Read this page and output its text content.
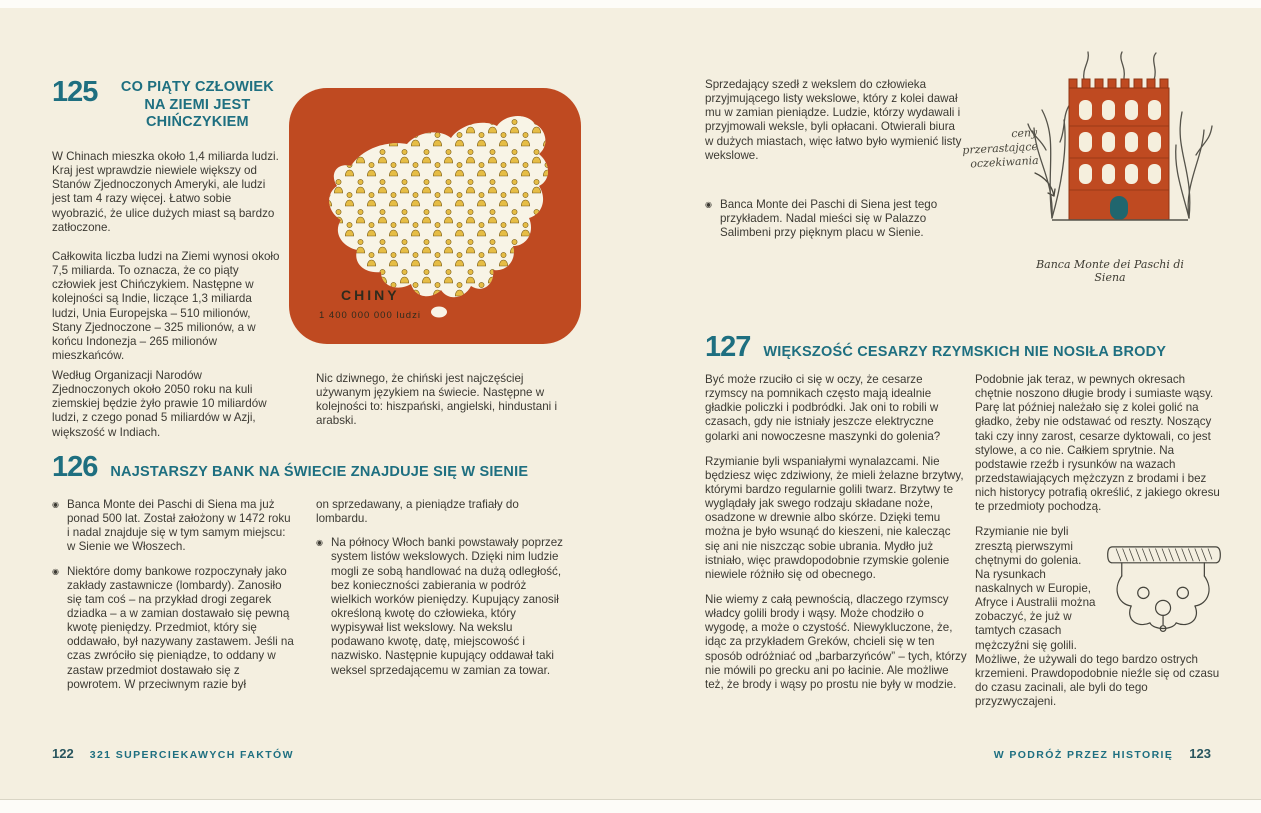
125	CO PIĄTY CZŁOWIEK NA ZIEMI JEST CHIŃCZYKIEM

W Chinach mieszka około 1,4 miliarda ludzi. Kraj jest wprawdzie niewiele większy od Stanów Zjednoczonych Ameryki, ale ludzi jest tam 4 razy więcej. Łatwo sobie wyobrazić, że ulice dużych miast są bardzo zatłoczone.

Całkowita liczba ludzi na Ziemi wynosi około 7,5 miliarda. To oznacza, że co piąty człowiek jest Chińczykiem. Następne w kolejności są Indie, liczące 1,3 miliarda ludzi, Unia Europejska – 510 milionów, Stany Zjednoczone – 325 milionów, a w końcu Indonezja – 265 milionów mieszkańców.

Według Organizacji Narodów Zjednoczonych około 2050 roku na kuli ziemskiej będzie żyło prawie 10 miliardów ludzi, z czego ponad 5 miliardów w Azji, większość w Indiach.

CHINY
1 400 000 000 ludzi

Nic dziwnego, że chiński jest najczęściej używanym językiem na świecie. Następne w kolejności to: hiszpański, angielski, hindustani i arabski.

126 NAJSTARSZY BANK NA ŚWIECIE ZNAJDUJE SIĘ W SIENIE
◉ Banca Monte dei Paschi di Siena ma już ponad 500 lat. Został założony w 1472 roku i nadal znajduje się w tym samym miejscu: w Sienie we Włoszech.

◉ Niektóre domy bankowe rozpoczynały jako zakłady zastawnicze (lombardy). Zanosiło się tam coś – na przykład drogi zegarek dziadka – a w zamian dostawało się pewną kwotę pieniędzy. Przedmiot, który się oddawało, był nazywany zastawem. Jeśli na czas zwróciło się pieniądze, to oddany w zastaw przedmiot dostawało się z powrotem. W przeciwnym razie był

on sprzedawany, a pieniądze trafiały do lombardu.

◉ Na północy Włoch banki powstawały poprzez system listów wekslowych. Dzięki nim ludzie mogli ze sobą handlować na dużą odległość, bez konieczności zabierania w podróż wielkich worków pieniędzy. Kupujący zanosił określoną kwotę do człowieka, który wypisywał list wekslowy. Na wekslu podawano kwotę, datę, miejscowość i nazwisko. Następnie kupujący oddawał taki weksel sprzedającemu w zamian za towar.

122 321 SUPERCIEKAWYCH FAKTÓW

Sprzedający szedł z wekslem do człowieka przyjmującego listy wekslowe, który z kolei dawał mu w zamian pieniądze. Ludzie, którzy wydawali i przyjmowali weksle, byli opłacani. Otwierali biura w dużych miastach, więc łatwo było wymienić listy wekslowe.

◉ Banca Monte dei Paschi di Siena jest tego przykładem. Nadal mieści się w Palazzo Salimbeni przy pięknym placu w Sienie.

ceny przerastające oczekiwania
Banca Monte dei Paschi di Siena
127 WIĘKSZOŚĆ CESARZY RZYMSKICH NIE NOSIŁA BRODY

Być może rzuciło ci się w oczy, że cesarze rzymscy na pomnikach często mają idealnie gładkie policzki i podbródki. Jak oni to robili w czasach, gdy nie istniały jeszcze elektryczne golarki ani nowoczesne maszynki do golenia?

Rzymianie byli wspaniałymi wynalazcami. Nie będziesz więc zdziwiony, że mieli żelazne brzytwy, którymi bardzo regularnie golili twarz. Brzytwy te wyglądały jak swego rodzaju składane noże, osadzone w drewnie albo skórze. Dzięki temu można je było wsunąć do kieszeni, nie kalecząc się ani nie niszcząc sobie ubrania. Mydło już istniało, więc prawdopodobnie rzymskie golenie niewiele różniło się od obecnego.

Nie wiemy z całą pewnością, dlaczego rzymscy władcy golili brody i wąsy. Może chodziło o wygodę, a może o czystość. Niewykluczone, że, idąc za przykładem Greków, chcieli się w ten sposób odróżniać od „barbarzyńców” – tych, którzy nie mówili po grecku ani po łacinie. Ale możliwe też, że brody i wąsy po prostu nie były w modzie.

Podobnie jak teraz, w pewnych okresach chętnie noszono długie brody i sumiaste wąsy. Parę lat później należało się z kolei golić na gładko, żeby nie odstawać od reszty. Noszący taki czy inny zarost, cesarze dyktowali, co jest stylowe, a co nie. Całkiem sprytnie. Na podstawie rzeźb i rysunków na wazach przedstawiających mężczyzn z brodami i bez nich historycy potrafią określić, z jakiego okresu te przedmioty pochodzą.

Rzymianie nie byli zresztą pierwszymi chętnymi do golenia. Na rysunkach naskalnych w Europie, Afryce i Australii można zobaczyć, że już w tamtych czasach mężczyźni się golili. Możliwe, że używali do tego bardzo ostrych krzemieni. Prawdopodobnie nieźle się od czasu do czasu zacinali, ale byli do tego przyzwyczajeni.

W PODRÓŻ PRZEZ HISTORIĘ 123
